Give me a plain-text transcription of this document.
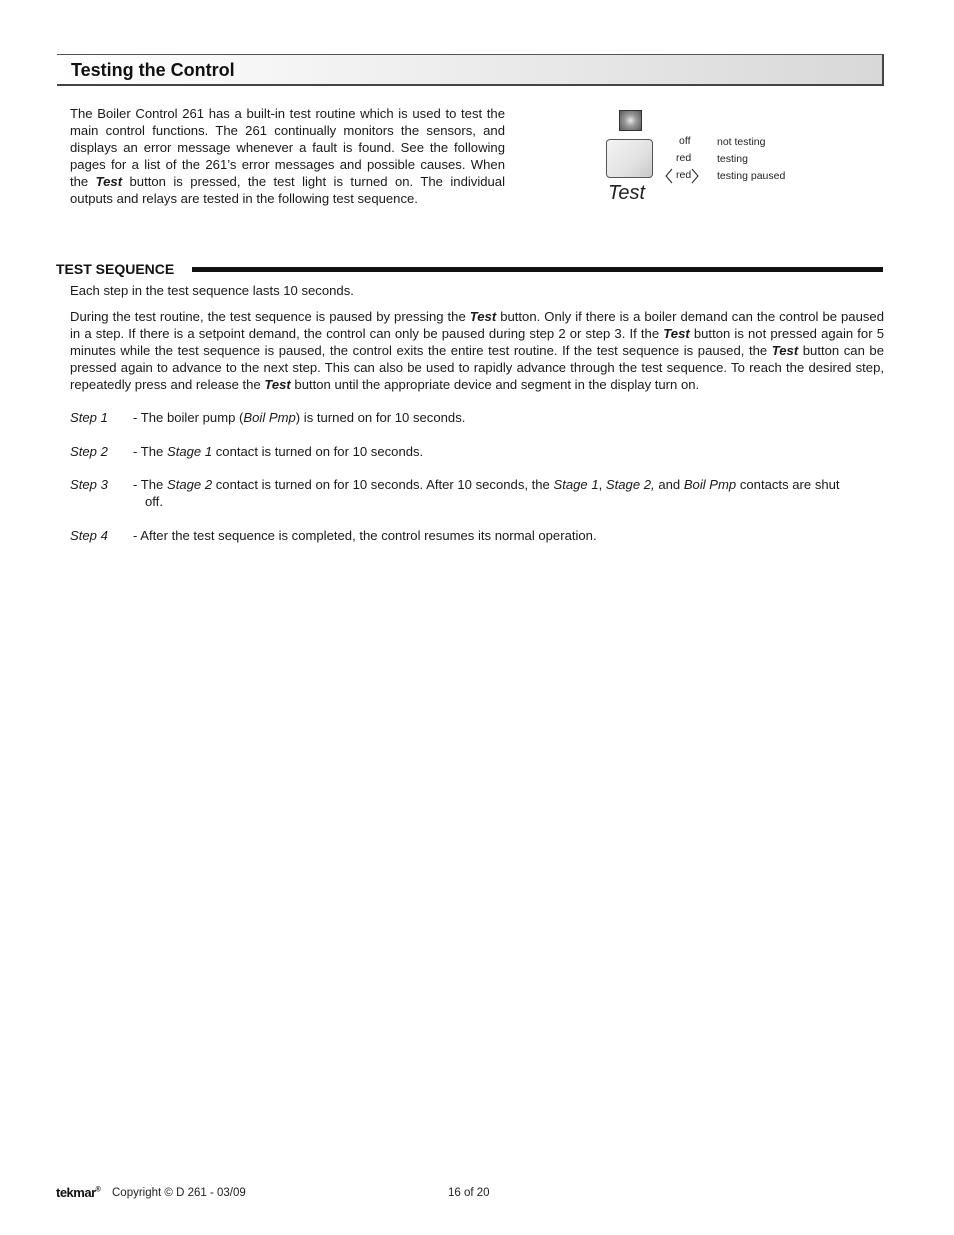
Testing the Control
The Boiler Control 261 has a built-in test routine which is used to test the main control functions. The 261 continually monitors the sensors, and displays an error message whenever a fault is found. See the following pages for a list of the 261’s error messages and possible causes. When the Test button is pressed, the test light is turned on. The individual outputs and relays are tested in the following test sequence.	Test
off
red
red
not testing
testing
testing paused
TEST SEQUENCE
Each step in the test sequence lasts 10 seconds.
During the test routine, the test sequence is paused by pressing the Test button. Only if there is a boiler demand can the control be paused in a step. If there is a setpoint demand, the control can only be paused during step 2 or step 3. If the Test button is not pressed again for 5 minutes while the test sequence is paused, the control exits the entire test routine. If the test sequence is paused, the Test button can be pressed again to advance to the next step. This can also be used to rapidly advance through the test sequence. To reach the desired step, repeatedly press and release the Test button until the appropriate device and segment in the display turn on.
Step 1 - The boiler pump (Boil Pmp) is turned on for 10 seconds.
Step 2 - The Stage 1 contact is turned on for 10 seconds.
Step 3 - The Stage 2 contact is turned on for 10 seconds. After 10 seconds, the Stage 1, Stage 2, and Boil Pmp contacts are shut
off.
Step 4 - After the test sequence is completed, the control resumes its normal operation.
tekmar® Copyright © D 261 - 03/09	16 of 20
